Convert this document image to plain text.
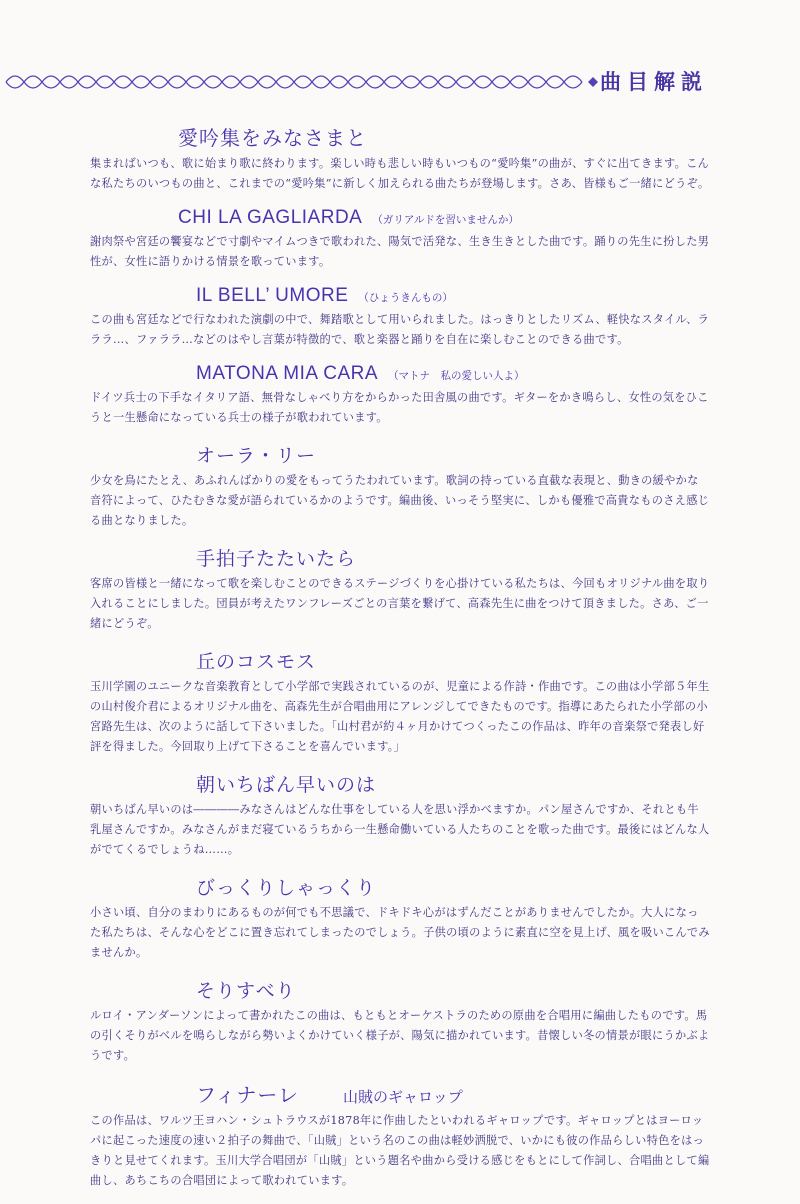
曲目解説
愛吟集をみなさまと
集まればいつも、歌に始まり歌に終わります。楽しい時も悲しい時もいつもの“愛吟集”の曲が、すぐに出てきます。こんな私たちのいつもの曲と、これまでの“愛吟集”に新しく加えられる曲たちが登場します。さあ、皆様もご一緒にどうぞ。
CHI LA GAGLIARDA （ガリアルドを習いませんか）
謝肉祭や宮廷の饗宴などで寸劇やマイムつきで歌われた、陽気で活発な、生き生きとした曲です。踊りの先生に扮した男性が、女性に語りかける情景を歌っています。
IL BELL’ UMORE （ひょうきんもの）
この曲も宮廷などで行なわれた演劇の中で、舞踏歌として用いられました。はっきりとしたリズム、軽快なスタイル、ラララ…、ファララ…などのはやし言葉が特徴的で、歌と楽器と踊りを自在に楽しむことのできる曲です。
MATONA MIA CARA （マトナ　私の愛しい人よ）
ドイツ兵士の下手なイタリア語、無骨なしゃべり方をからかった田舎風の曲です。ギターをかき鳴らし、女性の気をひこうと一生懸命になっている兵士の様子が歌われています。
オーラ・リー
少女を鳥にたとえ、あふれんばかりの愛をもってうたわれています。歌詞の持っている直截な表現と、動きの緩やかな音符によって、ひたむきな愛が語られているかのようです。編曲後、いっそう堅実に、しかも優雅で高貴なものさえ感じる曲となりました。
手拍子たたいたら
客席の皆様と一緒になって歌を楽しむことのできるステージづくりを心掛けている私たちは、今回もオリジナル曲を取り入れることにしました。団員が考えたワンフレーズごとの言葉を繋げて、高森先生に曲をつけて頂きました。さあ、ご一緒にどうぞ。
丘のコスモス
玉川学園のユニークな音楽教育として小学部で実践されているのが、児童による作詩・作曲です。この曲は小学部５年生の山村俊介君によるオリジナル曲を、高森先生が合唱曲用にアレンジしてできたものです。指導にあたられた小学部の小宮路先生は、次のように話して下さいました。「山村君が約４ヶ月かけてつくったこの作品は、昨年の音楽祭で発表し好評を得ました。今回取り上げて下さることを喜んでいます。」
朝いちばん早いのは
朝いちばん早いのは――――みなさんはどんな仕事をしている人を思い浮かべますか。パン屋さんですか、それとも牛乳屋さんですか。みなさんがまだ寝ているうちから一生懸命働いている人たちのことを歌った曲です。最後にはどんな人がでてくるでしょうね……。
びっくりしゃっくり
小さい頃、自分のまわりにあるものが何でも不思議で、ドキドキ心がはずんだことがありませんでしたか。大人になった私たちは、そんな心をどこに置き忘れてしまったのでしょう。子供の頃のように素直に空を見上げ、風を吸いこんでみませんか。
そりすべり
ルロイ・アンダーソンによって書かれたこの曲は、もともとオーケストラのための原曲を合唱用に編曲したものです。馬の引くそりがベルを鳴らしながら勢いよくかけていく様子が、陽気に描かれています。昔懐しい冬の情景が眼にうかぶようです。
フィナーレ	山賊のギャロップ
この作品は、ワルツ王ヨハン・シュトラウスが1878年に作曲したといわれるギャロップです。ギャロップとはヨーロッパに起こった速度の速い２拍子の舞曲で、「山賊」という名のこの曲は軽妙洒脱で、いかにも彼の作品らしい特色をはっきりと見せてくれます。玉川大学合唱団が「山賊」という題名や曲から受ける感じをもとにして作詞し、合唱曲として編曲し、あちこちの合唱団によって歌われています。
